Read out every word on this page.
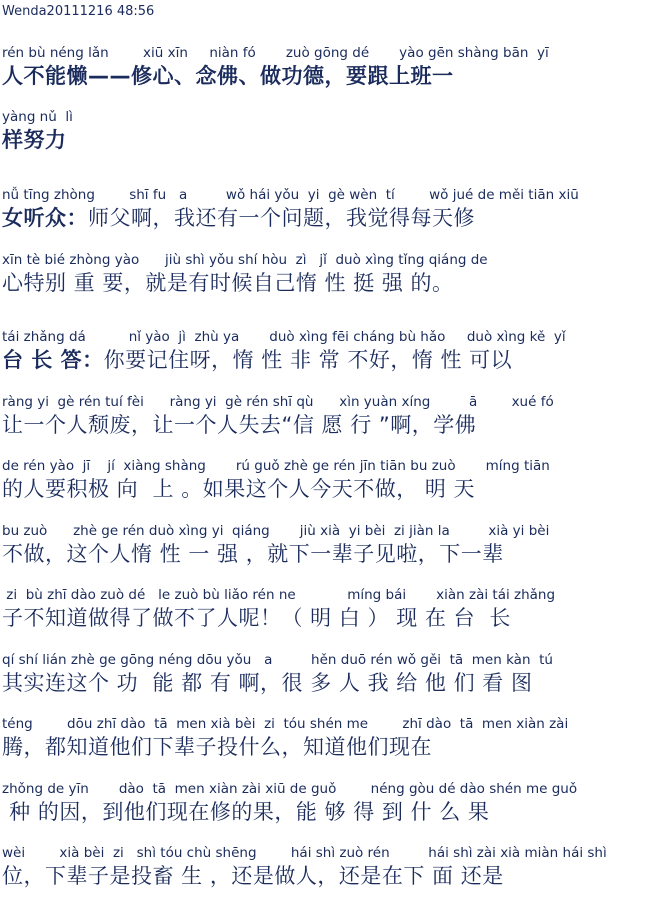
Wenda20111216 48:56
rén bù néng lǎn        xiū xīn     niàn fó       zuò gōng dé       yào gēn shàng bān  yī
人不能懒——修心、念佛、做功德，要跟上班一
yàng nǔ  lì
样努力
nǚ tīng zhòng        shī fu   a         wǒ hái yǒu  yi  gè wèn  tí        wǒ jué de měi tiān xiū
女听众：师父啊，我还有一个问题，我觉得每天修
xīn tè bié zhòng yào      jiù shì yǒu shí hòu  zì   jǐ  duò xìng tǐng qiáng de
心特别 重 要，就是有时候自己惰 性 挺 强 的。
tái zhǎng dá          nǐ yào  jì  zhù ya       duò xìng fēi cháng bù hǎo     duò xìng kě  yǐ
台 长 答：你要记住呀，惰 性 非 常 不好，惰 性 可以
ràng yi  gè rén tuí fèi      ràng yi  gè rén shī qù      xìn yuàn xíng         ā        xué fó
让一个人颓废，让一个人失去“信 愿 行 ”啊，学佛
de rén yào  jī    jí  xiàng shàng       rú guǒ zhè ge rén jīn tiān bu zuò       míng tiān
的人要积极 向  上 。如果这个人今天不做， 明 天
bu zuò      zhè ge rén duò xìng yi  qiáng       jiù xià  yi bèi  zi jiàn la         xià yi bèi
不做，这个人惰 性 一 强 ，就下一辈子见啦，下一辈
zi  bù zhī dào zuò dé   le zuò bù liǎo rén ne            míng bái       xiàn zài tái zhǎng
子不知道做得了做不了人呢！（ 明 白 ） 现 在 台  长
qí shí lián zhè ge gōng néng dōu yǒu   a         hěn duō rén wǒ gěi  tā  men kàn  tú
其实连这个 功  能 都 有 啊，很 多 人 我 给 他 们 看 图
téng        dōu zhī dào  tā  men xià bèi  zi  tóu shén me        zhī dào  tā  men xiàn zài
腾，都知道他们下辈子投什么，知道他们现在
zhǒng de yīn       dào  tā  men xiàn zài xiū de guǒ        néng gòu dé dào shén me guǒ
种 的因，到他们现在修的果，能 够 得 到 什 么 果
wèi        xià bèi  zi   shì tóu chù shēng        hái shì zuò rén         hái shì zài xià miàn hái shì
位，下辈子是投畜 生 ，还是做人，还是在下 面 还是
